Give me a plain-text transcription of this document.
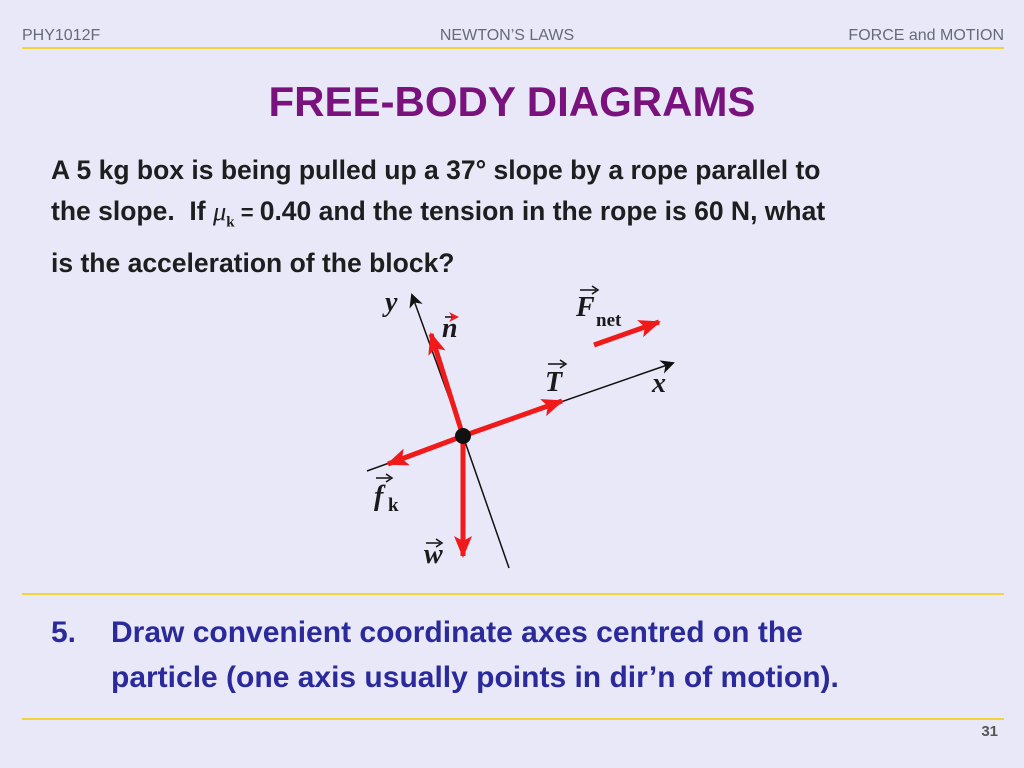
PHY1012F	NEWTON’S LAWS	FORCE and MOTION
FREE-BODY DIAGRAMS
A 5 kg box is being pulled up a 37° slope by a rope parallel to
the slope.  If $\mu_k = 0.40$ and the tension in the rope is 60 N, what
is the acceleration of the block?
y
x
n
T
f k
w
F net
5. Draw convenient coordinate axes centred on the
particle (one axis usually points in dir’n of motion).
31
